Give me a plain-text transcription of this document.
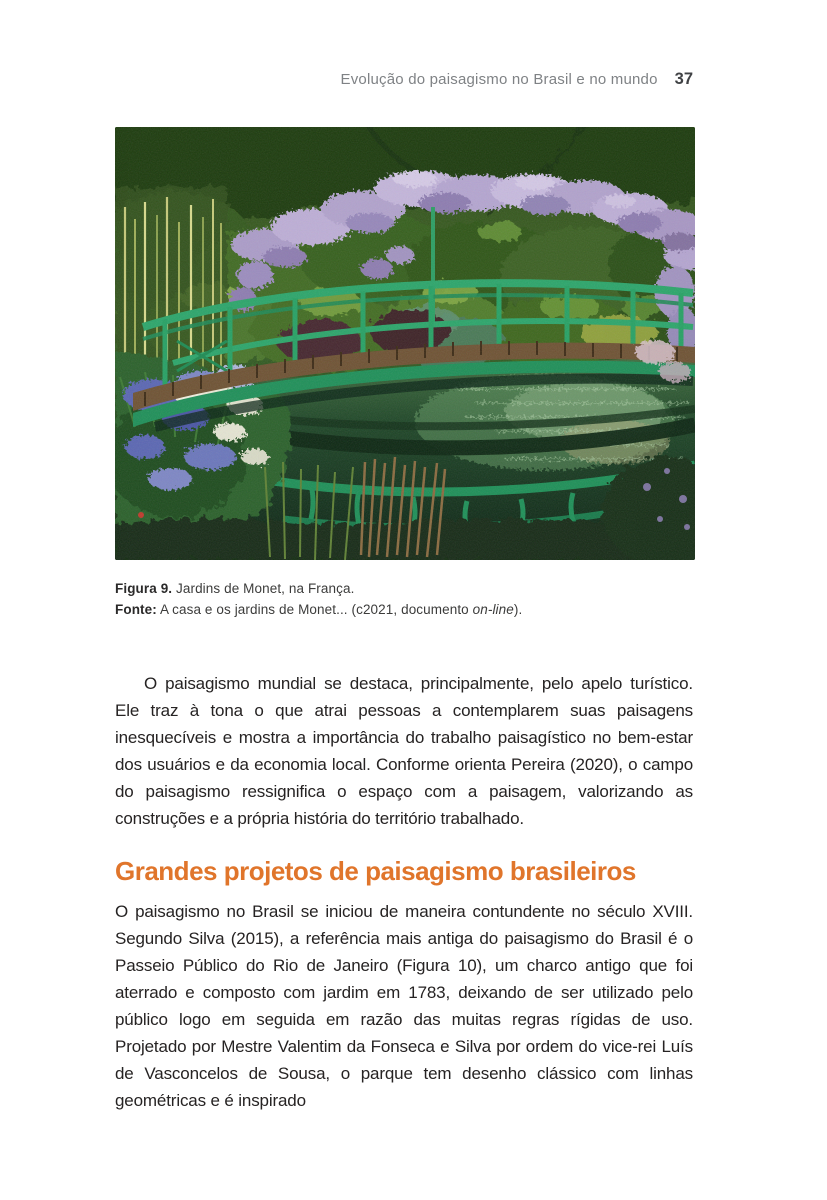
Evolução do paisagismo no Brasil e no mundo 37
Figura 9. Jardins de Monet, na França.
Fonte: A casa e os jardins de Monet... (c2021, documento on-line).

O paisagismo mundial se destaca, principalmente, pelo apelo turístico. Ele traz à tona o que atrai pessoas a contemplarem suas paisagens inesquecíveis e mostra a importância do trabalho paisagístico no bem-estar dos usuários e da economia local. Conforme orienta Pereira (2020), o campo do paisagismo ressignifica o espaço com a paisagem, valorizando as construções e a própria história do território trabalhado.

Grandes projetos de paisagismo brasileiros

O paisagismo no Brasil se iniciou de maneira contundente no século XVIII. Segundo Silva (2015), a referência mais antiga do paisagismo do Brasil é o Passeio Público do Rio de Janeiro (Figura 10), um charco antigo que foi aterrado e composto com jardim em 1783, deixando de ser utilizado pelo público logo em seguida em razão das muitas regras rígidas de uso. Projetado por Mestre Valentim da Fonseca e Silva por ordem do vice-rei Luís de Vasconcelos de Sousa, o parque tem desenho clássico com linhas geométricas e é inspirado
